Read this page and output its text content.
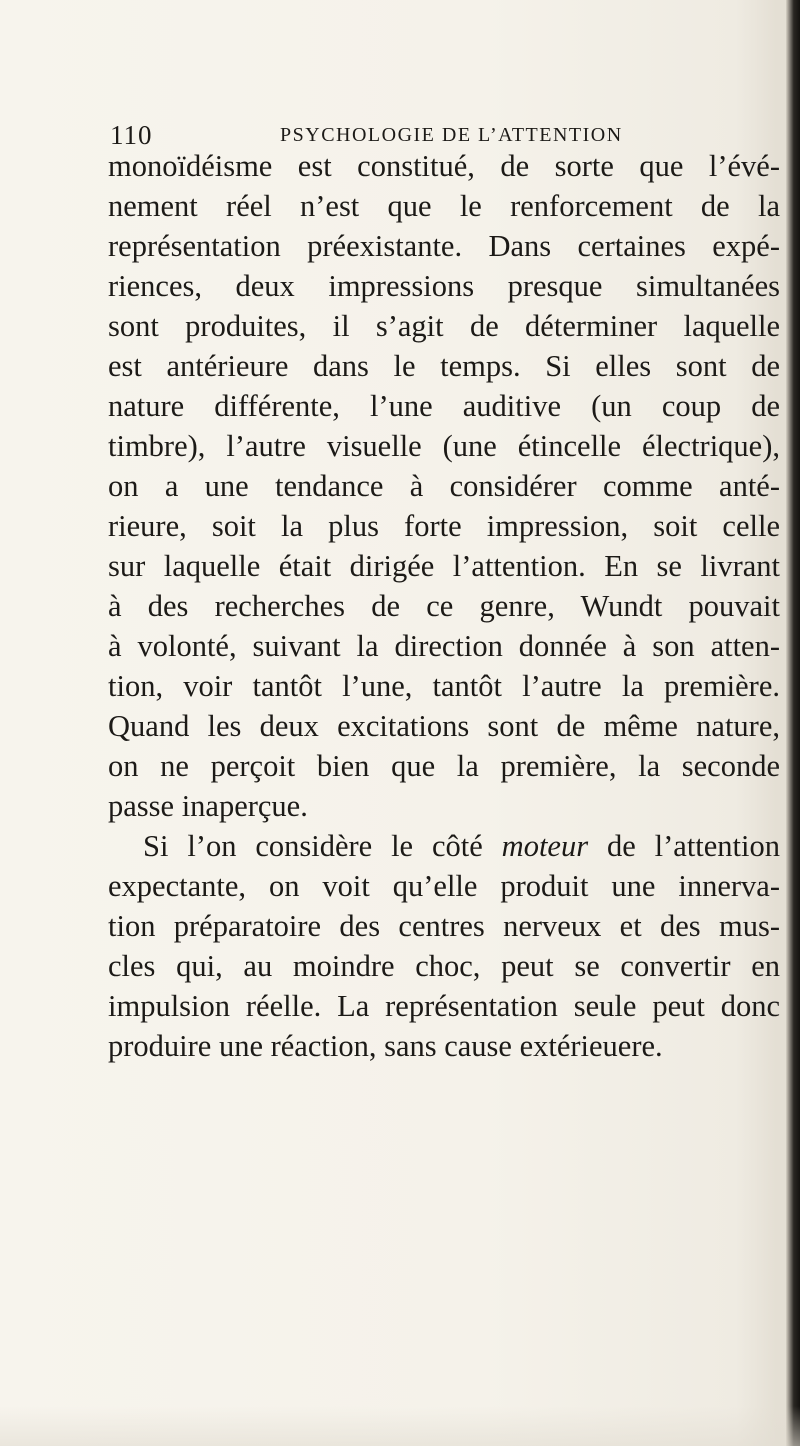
110	PSYCHOLOGIE DE L’ATTENTION
monoïdéisme est constitué, de sorte que l’évé-
nement réel n’est que le renforcement de la
représentation préexistante. Dans certaines expé-
riences, deux impressions presque simultanées
sont produites, il s’agit de déterminer laquelle
est antérieure dans le temps. Si elles sont de
nature différente, l’une auditive (un coup de
timbre), l’autre visuelle (une étincelle électrique),
on a une tendance à considérer comme anté-
rieure, soit la plus forte impression, soit celle
sur laquelle était dirigée l’attention. En se livrant
à des recherches de ce genre, Wundt pouvait
à volonté, suivant la direction donnée à son atten-
tion, voir tantôt l’une, tantôt l’autre la première.
Quand les deux excitations sont de même nature,
on ne perçoit bien que la première, la seconde
passe inaperçue.
Si l’on considère le côté moteur de l’attention
expectante, on voit qu’elle produit une innerva-
tion préparatoire des centres nerveux et des mus-
cles qui, au moindre choc, peut se convertir en
impulsion réelle. La représentation seule peut donc
produire une réaction, sans cause extérieuere.
